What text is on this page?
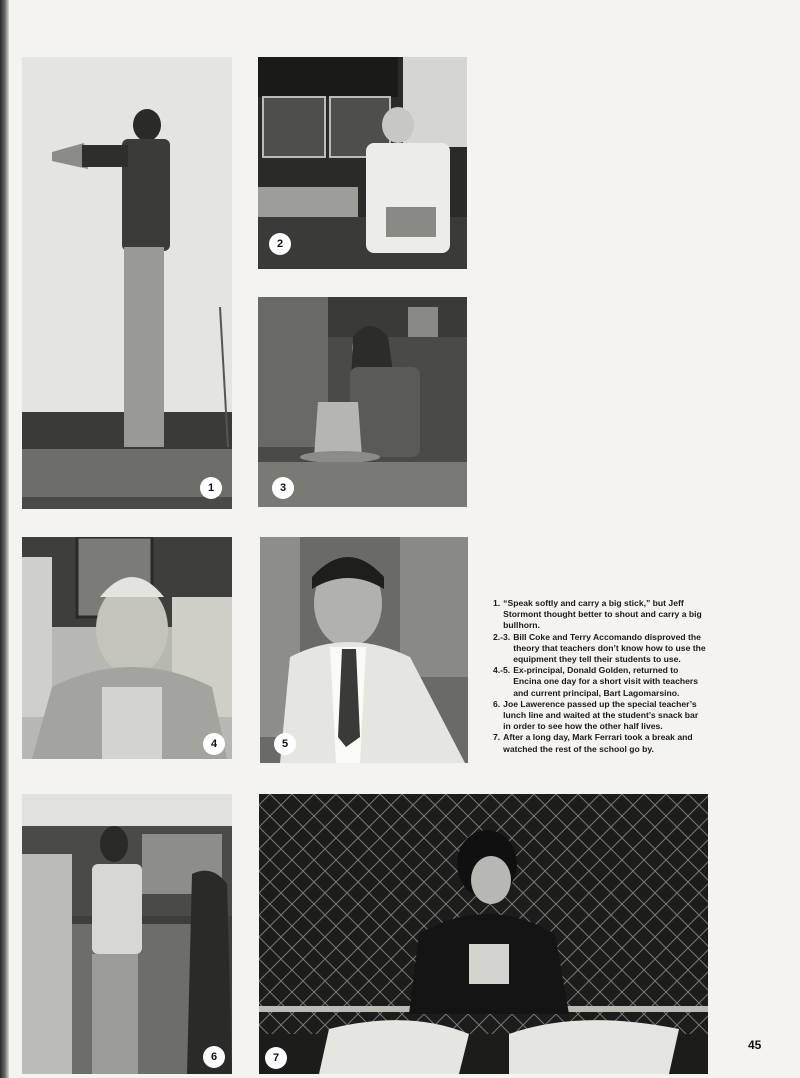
1
2
3
4	5
6	7
1. “Speak softly and carry a big stick,” but Jeff Stormont thought better to shout and carry a big bullhorn.
2.-3. Bill Coke and Terry Accomando disproved the theory that teachers don’t know how to use the equipment they tell their students to use.
4.-5. Ex-principal, Donald Golden, returned to Encina one day for a short visit with teachers and current principal, Bart Lagomarsino.
6. Joe Lawerence passed up the special teacher’s lunch line and waited at the student’s snack bar in order to see how the other half lives.
7. After a long day, Mark Ferrari took a break and watched the rest of the school go by.
45
